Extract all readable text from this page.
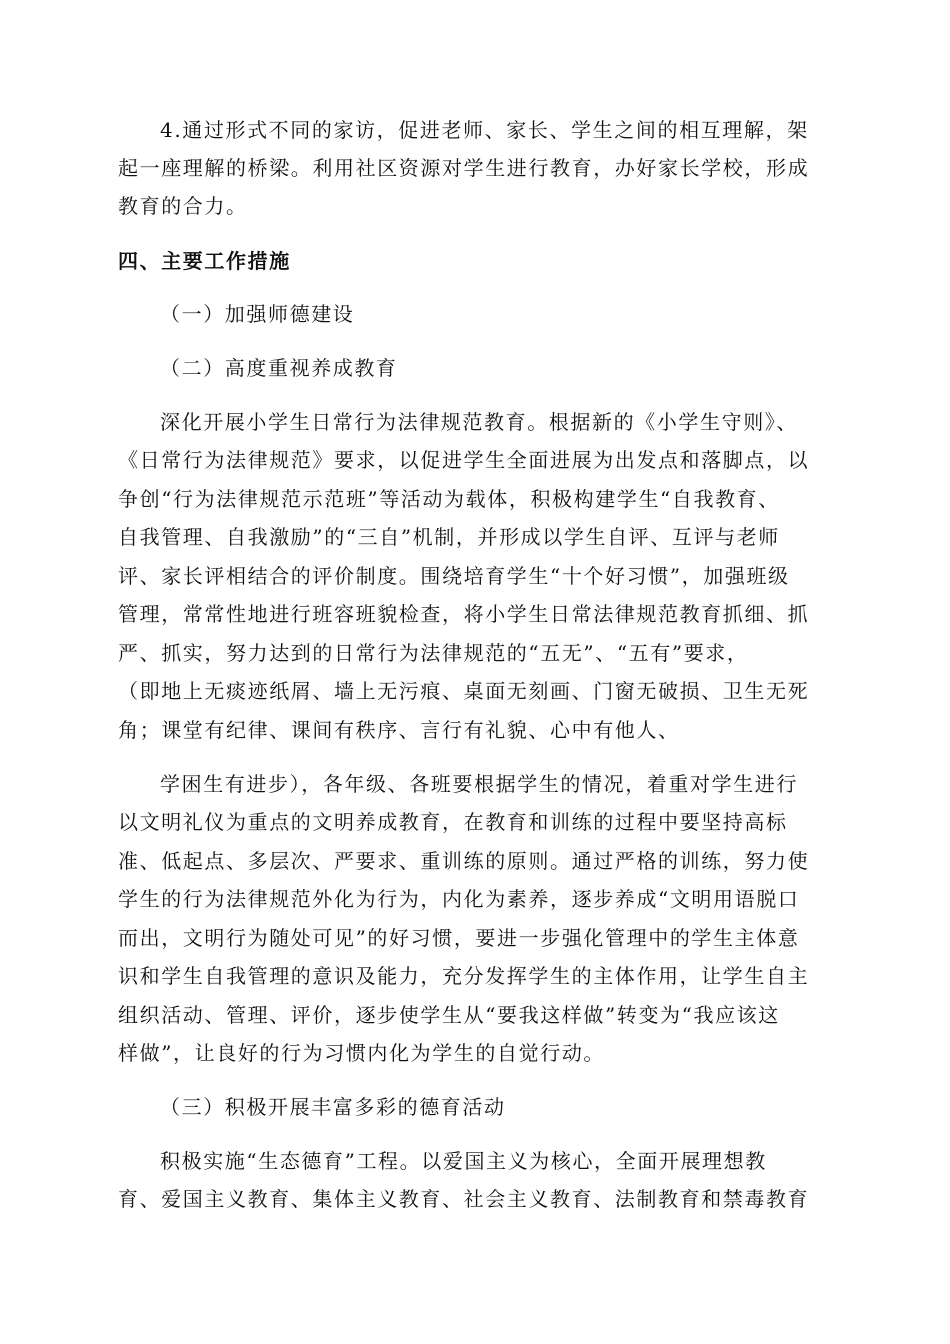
4.通过形式不同的家访，促进老师、家长、学生之间的相互理解，架
起一座理解的桥梁。利用社区资源对学生进行教育，办好家长学校，形成
教育的合力。
四、主要工作措施
（一）加强师德建设
（二）高度重视养成教育
深化开展小学生日常行为法律规范教育。根据新的《小学生守则》、
《日常行为法律规范》要求，以促进学生全面进展为出发点和落脚点，以
争创“行为法律规范示范班”等活动为载体，积极构建学生“自我教育、
自我管理、自我激励”的“三自”机制，并形成以学生自评、互评与老师
评、家长评相结合的评价制度。围绕培育学生“十个好习惯”，加强班级
管理，常常性地进行班容班貌检查，将小学生日常法律规范教育抓细、抓
严、抓实，努力达到的日常行为法律规范的“五无”、“五有”要求，
（即地上无痰迹纸屑、墙上无污痕、桌面无刻画、门窗无破损、卫生无死
角；课堂有纪律、课间有秩序、言行有礼貌、心中有他人、
学困生有进步），各年级、各班要根据学生的情况，着重对学生进行
以文明礼仪为重点的文明养成教育，在教育和训练的过程中要坚持高标
准、低起点、多层次、严要求、重训练的原则。通过严格的训练，努力使
学生的行为法律规范外化为行为，内化为素养，逐步养成“文明用语脱口
而出，文明行为随处可见”的好习惯，要进一步强化管理中的学生主体意
识和学生自我管理的意识及能力，充分发挥学生的主体作用，让学生自主
组织活动、管理、评价，逐步使学生从“要我这样做”转变为“我应该这
样做”，让良好的行为习惯内化为学生的自觉行动。
（三）积极开展丰富多彩的德育活动
积极实施“生态德育”工程。以爱国主义为核心，全面开展理想教
育、爱国主义教育、集体主义教育、社会主义教育、法制教育和禁毒教育
